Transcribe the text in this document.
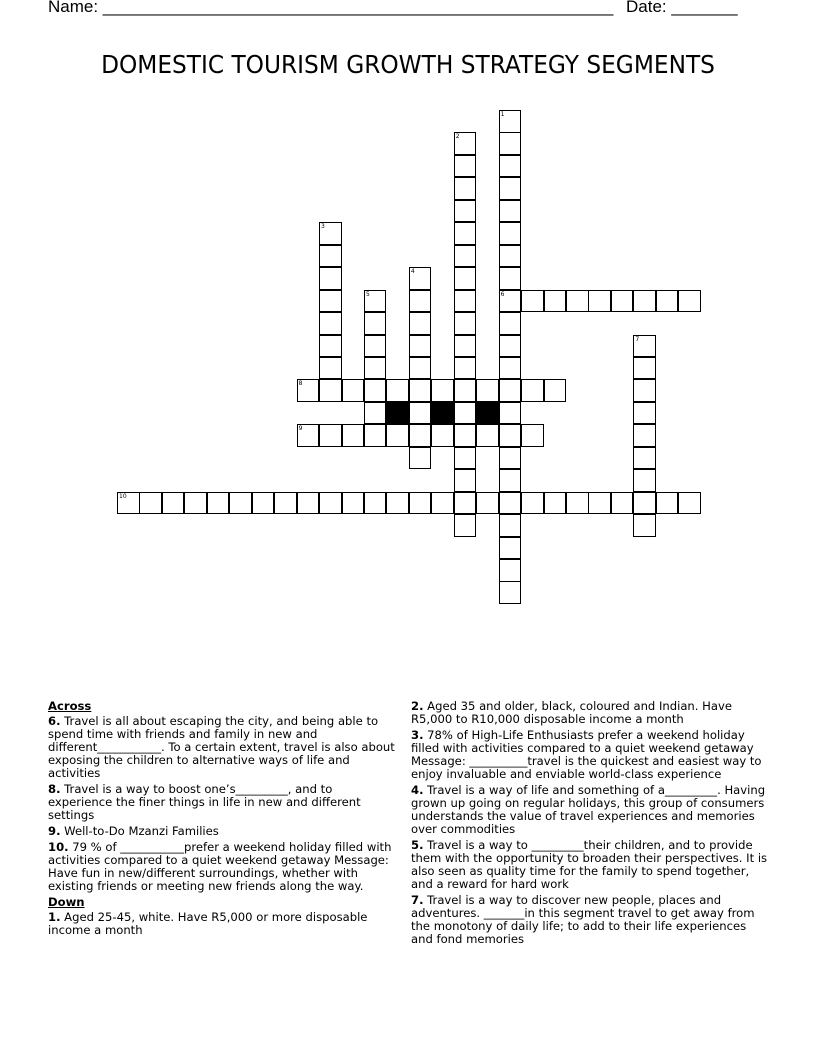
Name: ______________________________________________________ Date: _______
DOMESTIC TOURISM GROWTH STRATEGY SEGMENTS
1
6
2
3
4
5
7
8
9
10
Across
6. Travel is all about escaping the city, and being able to spend time with friends and family in new and different___________. To a certain extent, travel is also about exposing the children to alternative ways of life and activities
8. Travel is a way to boost one’s_________, and to experience the finer things in life in new and different settings
9. Well-to-Do Mzanzi Families
10. 79 % of ___________prefer a weekend holiday filled with activities compared to a quiet weekend getaway Message: Have fun in new/different surroundings, whether with existing friends or meeting new friends along the way.
Down
1. Aged 25-45, white. Have R5,000 or more disposable income a month
2. Aged 35 and older, black, coloured and Indian. Have R5,000 to R10,000 disposable income a month
3. 78% of High-Life Enthusiasts prefer a weekend holiday filled with activities compared to a quiet weekend getaway Message: __________travel is the quickest and easiest way to enjoy invaluable and enviable world-class experience
4. Travel is a way of life and something of a_________. Having grown up going on regular holidays, this group of consumers understands the value of travel experiences and memories over commodities
5. Travel is a way to _________their children, and to provide them with the opportunity to broaden their perspectives. It is also seen as quality time for the family to spend together, and a reward for hard work
7. Travel is a way to discover new people, places and adventures. _______in this segment travel to get away from the monotony of daily life; to add to their life experiences and fond memories
